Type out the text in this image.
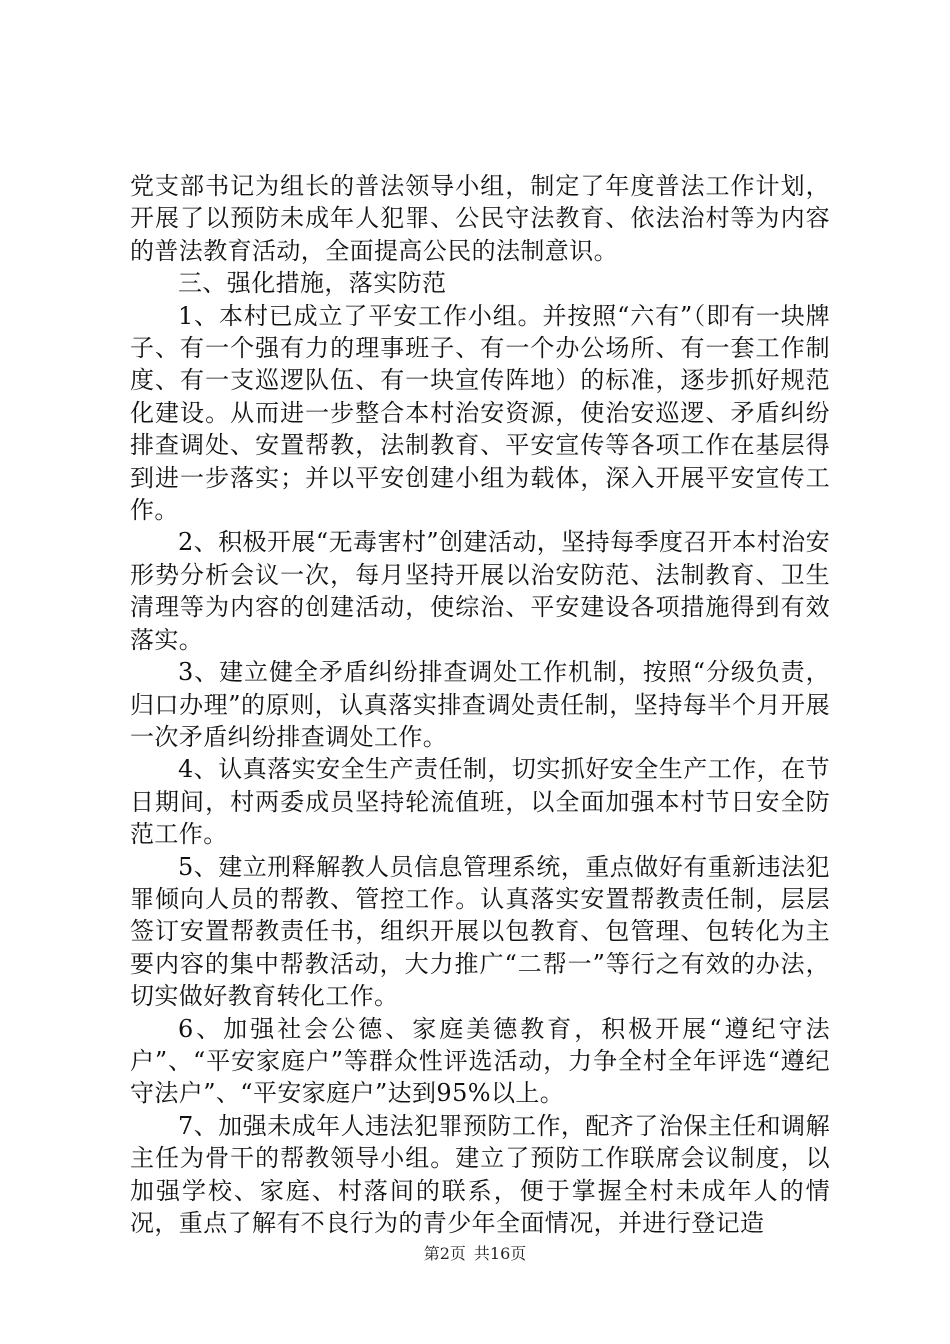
党支部书记为组长的普法领导小组，制定了年度普法工作计划，开展了以预防未成年人犯罪、公民守法教育、依法治村等为内容的普法教育活动，全面提高公民的法制意识。

三、强化措施，落实防范

1、本村已成立了平安工作小组。并按照“六有”（即有一块牌子、有一个强有力的理事班子、有一个办公场所、有一套工作制度、有一支巡逻队伍、有一块宣传阵地）的标准，逐步抓好规范化建设。从而进一步整合本村治安资源，使治安巡逻、矛盾纠纷排查调处、安置帮教，法制教育、平安宣传等各项工作在基层得到进一步落实；并以平安创建小组为载体，深入开展平安宣传工作。

2、积极开展“无毒害村”创建活动，坚持每季度召开本村治安形势分析会议一次，每月坚持开展以治安防范、法制教育、卫生清理等为内容的创建活动，使综治、平安建设各项措施得到有效落实。

3、建立健全矛盾纠纷排查调处工作机制，按照“分级负责，归口办理”的原则，认真落实排查调处责任制，坚持每半个月开展一次矛盾纠纷排查调处工作。

4、认真落实安全生产责任制，切实抓好安全生产工作，在节日期间，村两委成员坚持轮流值班，以全面加强本村节日安全防范工作。

5、建立刑释解教人员信息管理系统，重点做好有重新违法犯罪倾向人员的帮教、管控工作。认真落实安置帮教责任制，层层签订安置帮教责任书，组织开展以包教育、包管理、包转化为主要内容的集中帮教活动，大力推广“二帮一”等行之有效的办法，切实做好教育转化工作。

6、加强社会公德、家庭美德教育，积极开展“遵纪守法户”、“平安家庭户”等群众性评选活动，力争全村全年评选“遵纪守法户”、“平安家庭户”达到95%以上。

7、加强未成年人违法犯罪预防工作，配齐了治保主任和调解主任为骨干的帮教领导小组。建立了预防工作联席会议制度，以加强学校、家庭、村落间的联系，便于掌握全村未成年人的情况，重点了解有不良行为的青少年全面情况，并进行登记造

第2页 共16页
